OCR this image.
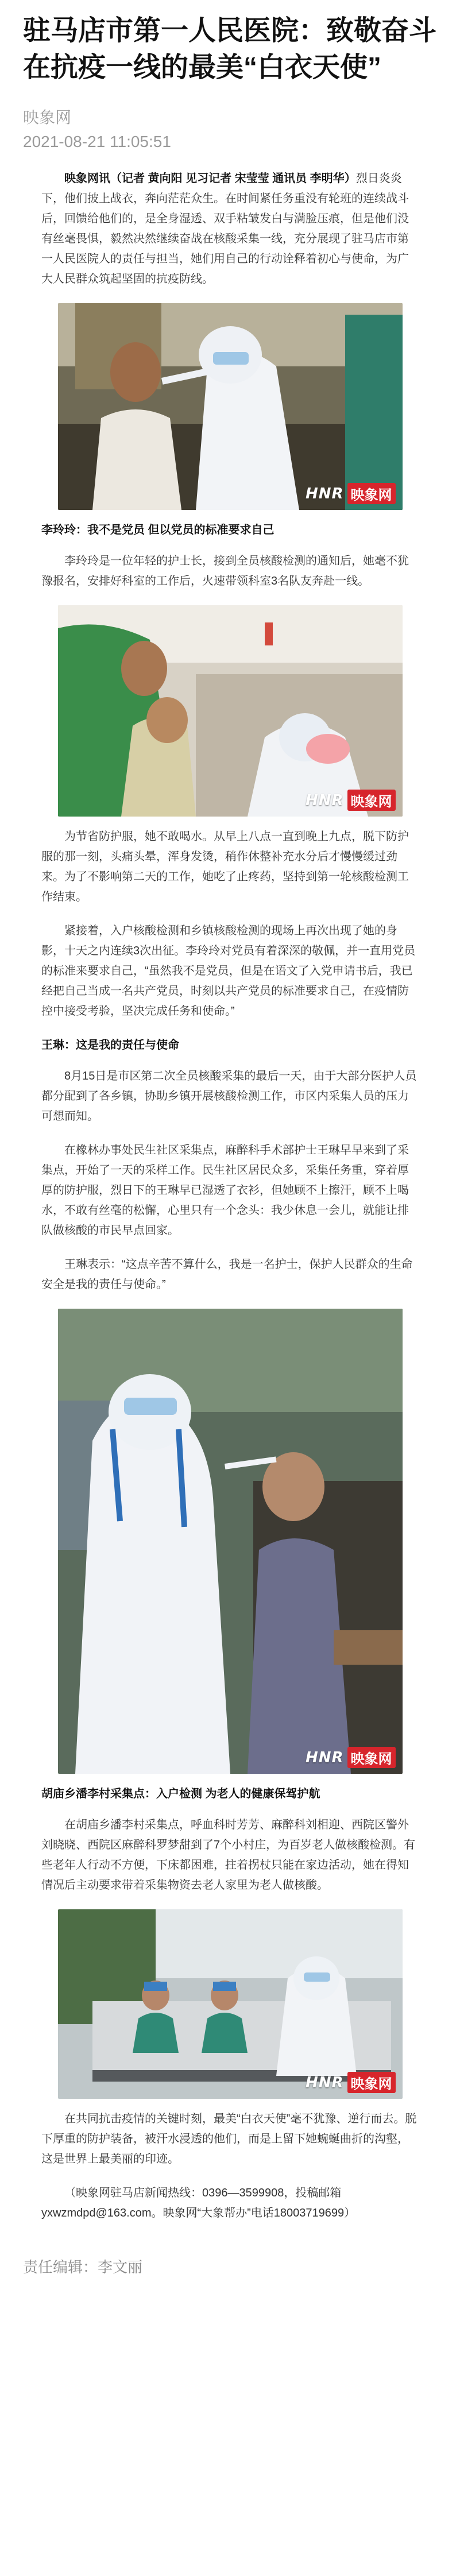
驻马店市第一人民医院：致敬奋斗在抗疫一线的最美“白衣天使”
映象网
2021-08-21 11:05:51

映象网讯（记者 黄向阳 见习记者 宋莹莹 通讯员 李明华）烈日炎炎下，他们披上战衣，奔向茫茫众生。在时间紧任务重没有轮班的连续战斗后，回馈给他们的，是全身湿透、双手粘皱发白与满脸压痕，但是他们没有丝毫畏惧，毅然决然继续奋战在核酸采集一线，充分展现了驻马店市第一人民医院人的责任与担当，她们用自己的行动诠释着初心与使命，为广大人民群众筑起坚固的抗疫防线。

HNR 映象网
李玲玲：我不是党员 但以党员的标准要求自己

李玲玲是一位年轻的护士长，接到全员核酸检测的通知后，她毫不犹豫报名，安排好科室的工作后，火速带领科室3名队友奔赴一线。

HNR 映象网

为节省防护服，她不敢喝水。从早上八点一直到晚上九点，脱下防护服的那一刻，头痛头晕，浑身发烫，稍作休整补充水分后才慢慢缓过劲来。为了不影响第二天的工作，她吃了止疼药，坚持到第一轮核酸检测工作结束。

紧接着，入户核酸检测和乡镇核酸检测的现场上再次出现了她的身影，十天之内连续3次出征。李玲玲对党员有着深深的敬佩，并一直用党员的标准来要求自己，“虽然我不是党员，但是在语文了入党申请书后，我已经把自己当成一名共产党员，时刻以共产党员的标准要求自己，在疫情防控中接受考验，坚决完成任务和使命。”

王琳：这是我的责任与使命

8月15日是市区第二次全员核酸采集的最后一天，由于大部分医护人员都分配到了各乡镇，协助乡镇开展核酸检测工作，市区内采集人员的压力可想而知。

在橡林办事处民生社区采集点，麻醉科手术部护士王琳早早来到了采集点，开始了一天的采样工作。民生社区居民众多，采集任务重，穿着厚厚的防护服，烈日下的王琳早已湿透了衣衫，但她顾不上擦汗，顾不上喝水，不敢有丝毫的松懈，心里只有一个念头：我少休息一会儿，就能让排队做核酸的市民早点回家。

王琳表示：“这点辛苦不算什么，我是一名护士，保护人民群众的生命安全是我的责任与使命。”

HNR 映象网
胡庙乡潘李村采集点：入户检测 为老人的健康保驾护航

在胡庙乡潘李村采集点，呼血科时芳芳、麻醉科刘相迎、西院区警外刘晓晓、西院区麻醉科罗梦甜到了7个小村庄，为百岁老人做核酸检测。有些老年人行动不方便，下床都困难，拄着拐杖只能在家边活动，她在得知情况后主动要求带着采集物资去老人家里为老人做核酸。

HNR 映象网

在共同抗击疫情的关键时刻，最美“白衣天使”毫不犹豫、逆行而去。脱下厚重的防护装备，被汗水浸透的他们，而是上留下她蜿蜒曲折的沟壑，这是世界上最美丽的印迹。

（映象网驻马店新闻热线：0396—3599908，投稿邮箱yxwzmdpd@163.com。映象网“大象帮办”电话18003719699）

责任编辑：李文丽
